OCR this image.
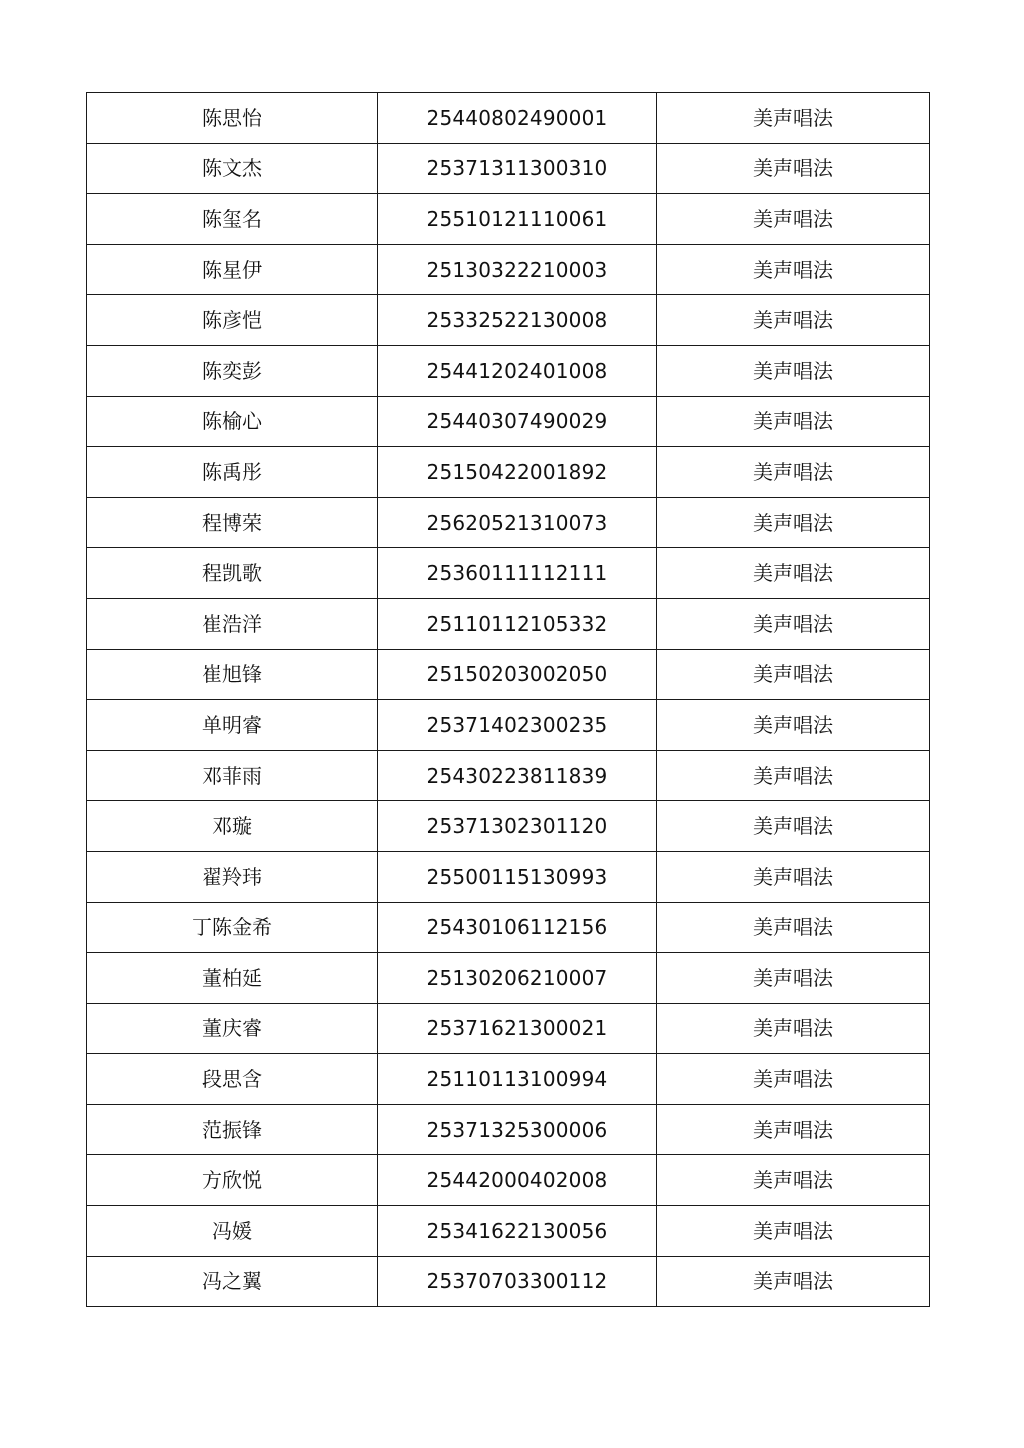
陈思怡	25440802490001	美声唱法
陈文杰	25371311300310	美声唱法
陈玺名	25510121110061	美声唱法
陈星伊	25130322210003	美声唱法
陈彦恺	25332522130008	美声唱法
陈奕彭	25441202401008	美声唱法
陈榆心	25440307490029	美声唱法
陈禹彤	25150422001892	美声唱法
程博荣	25620521310073	美声唱法
程凯歌	25360111112111	美声唱法
崔浩洋	25110112105332	美声唱法
崔旭锋	25150203002050	美声唱法
单明睿	25371402300235	美声唱法
邓菲雨	25430223811839	美声唱法
邓璇	25371302301120	美声唱法
翟羚玮	25500115130993	美声唱法
丁陈金希	25430106112156	美声唱法
董柏延	25130206210007	美声唱法
董庆睿	25371621300021	美声唱法
段思含	25110113100994	美声唱法
范振锋	25371325300006	美声唱法
方欣悦	25442000402008	美声唱法
冯媛	25341622130056	美声唱法
冯之翼	25370703300112	美声唱法
